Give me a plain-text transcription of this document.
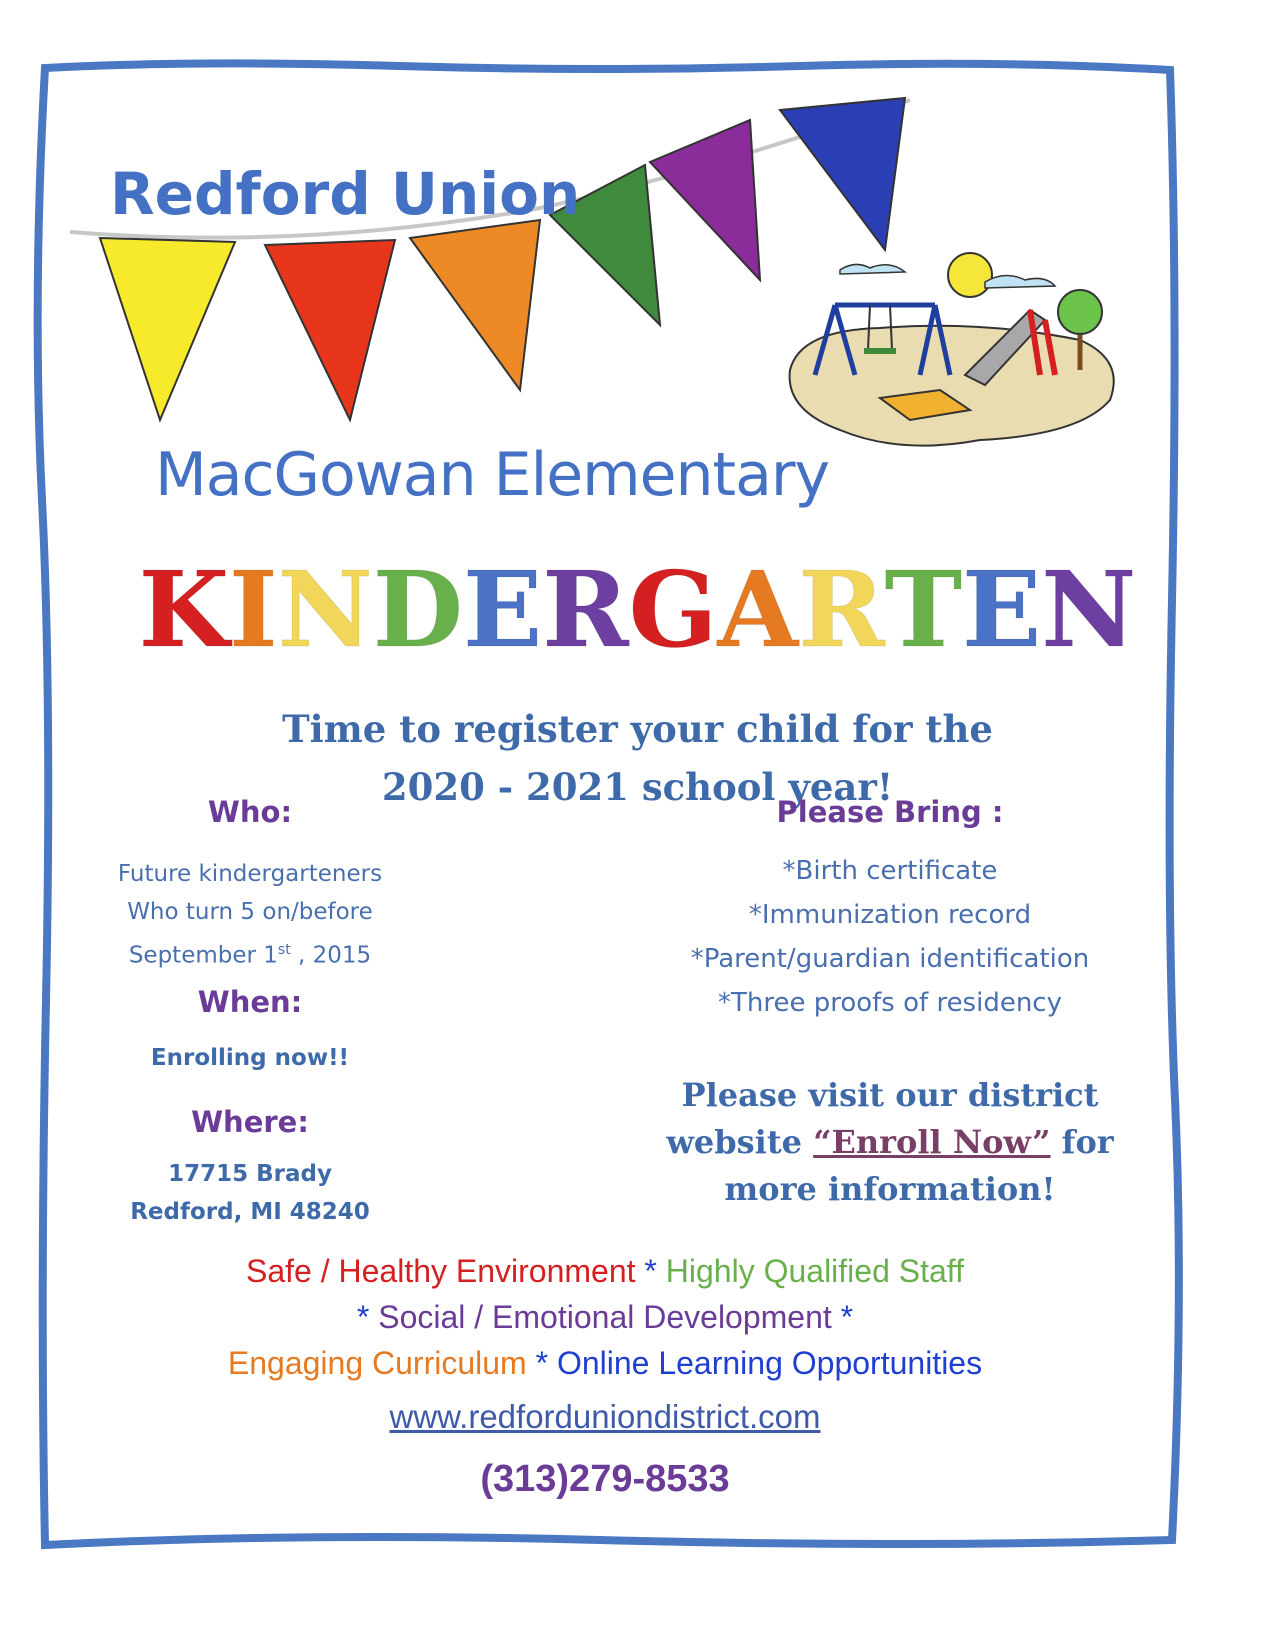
Redford Union
MacGowan Elementary
KINDERGARTEN
Time to register your child for the
2020 - 2021 school year!
Who:
Future kindergarteners
Who turn 5 on/before
September 1st , 2015
When:
Enrolling now!!
Where:
17715 Brady
Redford, MI 48240
Please Bring :
*Birth certificate
*Immunization record
*Parent/guardian identification
*Three proofs of residency
Please visit our district
website “Enroll Now” for
more information!
Safe / Healthy Environment * Highly Qualified Staff
* Social / Emotional Development *
Engaging Curriculum * Online Learning Opportunities
www.redforduniondistrict.com
(313)279-8533
